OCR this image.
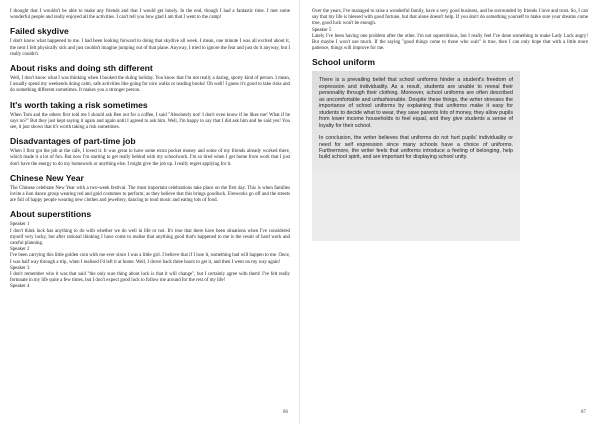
I thought that I wouldn't be able to make any friends and that I would get lonely. In the end, though I had a fantastic time. I met some wonderful people and really enjoyed all the activities. I can't tell you how glad I am that I went to the camp!

Failed skydive

I don't know what happened to me. I had been looking forward to doing that skydive all week. I mean, one minute I was all excited about it, the next I felt physically sick and just couldn't imagine jumping out of that plane. Anyway, I tried to ignore the fear and just do it anyway, but I really couldn't.

About risks and doing sth different

Well, I don't know what I was thinking when I booked the skiing holiday. You know that I'm not really a daring, sporty kind of person. I mean, I usually spend my weekends doing calm, safe activities like going for nice walks or reading books! Oh well! I guess it's good to take risks and do something different sometimes. It makes you a stronger person.

It's worth taking a risk sometimes

When Tom and the others first told me I should ask Ben out for a coffee, I said "Absolutely not! I don't even know if he likes me! What if he says no?" But they just kept saying it again and again until I agreed to ask him. Well, I'm happy to say that I did ask him and he said yes! You see, it just shows that it's worth taking a risk sometimes.

Disadvantages of part-time job

When I first got the job at the cafe, I loved it. It was great to have some extra pocket money and some of my friends already worked there, which made it a lot of fun. But now I'm starting to get really behind with my schoolwork. I'm so tired when I get home from work that I just don't have the energy to do my homework or anything else. I might give the job up. I really regret applying for it.

Chinese New Year

The Chinese celebrate New Year with a two-week festival. The most important celebrations take place on the first day. This is when families invite a lion dance group wearing red and gold costumes to perform, as they believe that this brings goodluck. Fireworks go off and the streets are full of happy people wearing new clothes and jewellery, dancing to loud music and eating lots of food.

About superstitions

Speaker 1

I don't think luck has anything to do with whether we do well in life or not. It's true that there have been situations when I've considered myself very lucky, but after rational thinking I have come to realise that anything good that's happened to me is the result of hard work and careful planning.

Speaker 2

I've been carrying this little golden coin with me ever since I was a little girl. I believe that if I lose it, something bad will happen to me. Once, I was half way through a trip, when I realised I'd left it at home. Well, I drove back three hours to get it, and then I went on my way again!

Speaker 3

I don't remember who it was that said "the only sure thing about luck is that it will change", but I certainly agree with them! I've felt really fortunate in my life quite a few times, but I don't expect good luck to follow me around for the rest of my life!

Speaker 4

86

Over the years, I've managed to raise a wonderful family, have a very good business, and be surrounded by friends I love and trust. So, I can say that my life is blessed with good fortune, but that alone doesn't help. If you don't do something yourself to make sure your dreams come true, good luck won't be enough.

Speaker 5

Lately I've been having one problem after the other. I'm not superstitious, but I really feel I've done something to make Lady Luck angry! But maybe I won't use much. If the saying "good things come to those who wait" is true, then I can only hope that with a little more patience, things will improve for me.

School uniform

There is a prevailing belief that school uniforms hinder a student's freedom of expression and individuality. As a result, students are unable to reveal their personality through their clothing. Moreover, school uniforms are often described as uncomfortable and unfashionable. Despite these things, the writer stresses the importance of school uniforms by explaining that uniforms make it easy for students to decide what to wear, they save parents lots of money, they allow pupils from lower income households to feel equal, and they give students a sense of loyalty for their school.

In conclusion, the writer believes that uniforms do not hurt pupils' individuality or need for self expression since many schools have a choice of uniforms. Furthermore, the writer feels that uniforms introduce a feeling of belonging, help build school spirit, and are important for displaying school unity.

87
